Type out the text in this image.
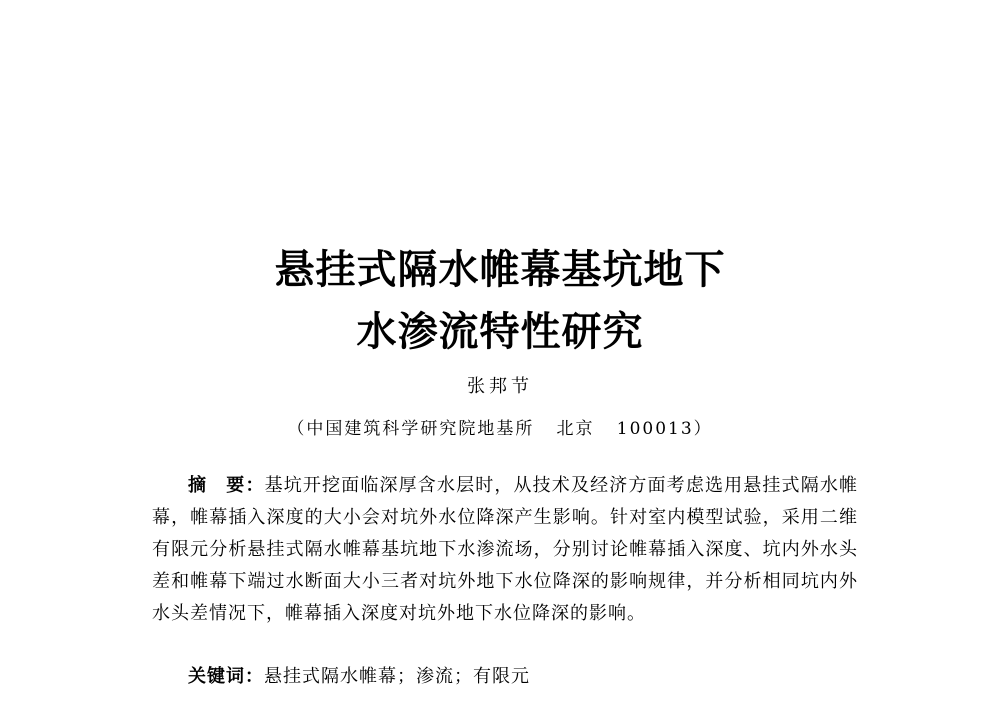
悬挂式隔水帷幕基坑地下
水渗流特性研究
张邦节
（中国建筑科学研究院地基所 北京 100013）
摘　要：基坑开挖面临深厚含水层时，从技术及经济方面考虑选用悬挂式隔水帷幕，帷幕插入深度的大小会对坑外水位降深产生影响。针对室内模型试验，采用二维有限元分析悬挂式隔水帷幕基坑地下水渗流场，分别讨论帷幕插入深度、坑内外水头差和帷幕下端过水断面大小三者对坑外地下水位降深的影响规律，并分析相同坑内外水头差情况下，帷幕插入深度对坑外地下水位降深的影响。
关键词：悬挂式隔水帷幕；渗流；有限元
